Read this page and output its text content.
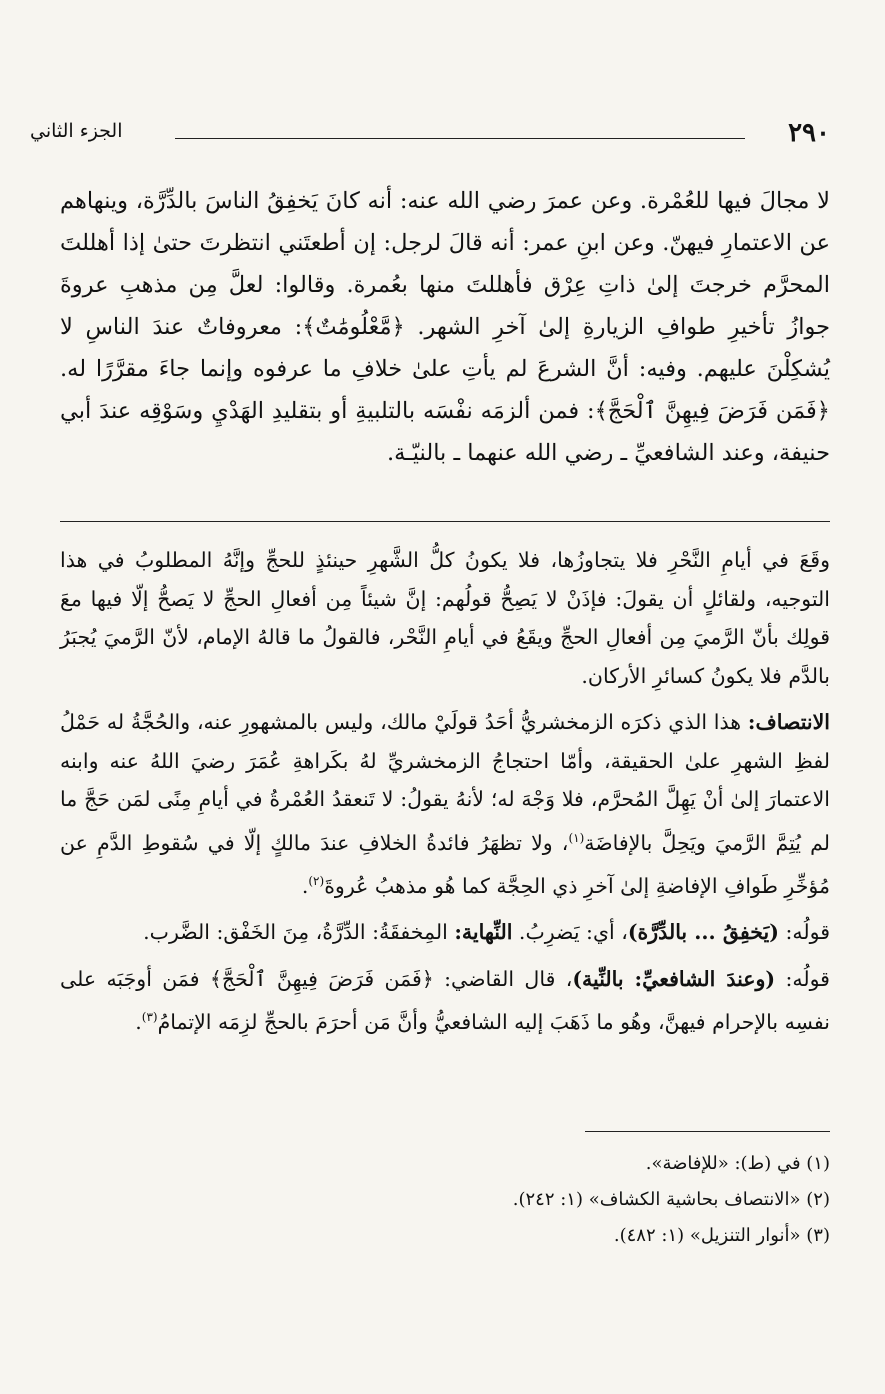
٢٩٠
الجزء الثاني

لا مجالَ فيها للعُمْرة. وعن عمرَ رضي الله عنه: أنه كانَ يَخفِقُ الناسَ بالدِّرَّة، وينهاهم عن الاعتمارِ فيهنّ. وعن ابنِ عمر: أنه قالَ لرجل: إن أطعتَني انتظرتَ حتىٰ إذا أهللتَ المحرَّم خرجتَ إلىٰ ذاتِ عِرْق فأهللتَ منها بعُمرة. وقالوا: لعلَّ مِن مذهبِ عروةَ جوازُ تأخيرِ طوافِ الزيارةِ إلىٰ آخرِ الشهر. ﴿مَّعْلُومَٰتٌ﴾: معروفاتٌ عندَ الناسِ لا يُشكِلْنَ عليهم. وفيه: أنَّ الشرعَ لم يأتِ علىٰ خلافِ ما عرفوه وإنما جاءَ مقرَّرًا له. ﴿فَمَن فَرَضَ فِيهِنَّ ٱلْحَجَّ﴾: فمن ألزمَه نفْسَه بالتلبيةِ أو بتقليدِ الهَدْيِ وسَوْقِه عندَ أبي حنيفة، وعند الشافعيِّ ـ رضي الله عنهما ـ بالنيّـة.

وقَعَ في أيامِ النَّحْرِ فلا يتجاوزُها، فلا يكونُ كلُّ الشَّهرِ حينئذٍ للحجِّ وإنَّهُ المطلوبُ في هذا التوجيه، ولقائلٍ أن يقولَ: فإذَنْ لا يَصِحُّ قولُهم: إنَّ شيئاً مِن أفعالِ الحجِّ لا يَصحُّ إلّا فيها معَ قولِك بأنّ الرَّميَ مِن أفعالِ الحجِّ ويقَعُ في أيامِ النَّحْر، فالقولُ ما قالهُ الإمام، لأنّ الرَّميَ يُجبَرُ بالدَّم فلا يكونُ كسائرِ الأركان.

الانتصاف: هذا الذي ذكرَه الزمخشريُّ أحَدُ قولَيْ مالك، وليس بالمشهورِ عنه، والحُجَّةُ له حَمْلُ لفظِ الشهرِ علىٰ الحقيقة، وأمّا احتجاجُ الزمخشريِّ لهُ بكَراهةِ عُمَرَ رضيَ اللهُ عنه وابنه الاعتمارَ إلىٰ أنْ يَهِلَّ المُحرَّم، فلا وَجْهَ له؛ لأنهُ يقولُ: لا تَنعقدُ العُمْرةُ في أيامِ مِنًى لمَن حَجَّ ما لم يُتِمَّ الرَّميَ ويَحِلَّ بالإفاضَة$^{(١)}$، ولا تظهَرُ فائدةُ الخلافِ عندَ مالكٍ إلّا في سُقوطِ الدَّمِ عن مُؤخِّرِ طَوافِ الإفاضةِ إلىٰ آخرِ ذي الحِجَّة كما هُو مذهبُ عُروةَ$^{(٢)}$.

قولُه: (يَخفِقُ ... بالدِّرَّة)، أي: يَضرِبُ. النِّهاية: المِخفقَةُ: الدِّرَّةُ، مِنَ الخَفْق: الضَّرب.

قولُه: (وعندَ الشافعيِّ: بالنِّية)، قال القاضي: ﴿فَمَن فَرَضَ فِيهِنَّ ٱلْحَجَّ﴾ فمَن أوجَبَه على نفسِه بالإحرام فيهنَّ، وهُو ما ذَهَبَ إليه الشافعيُّ وأنَّ مَن أحرَمَ بالحجِّ لزِمَه الإتمامُ$^{(٣)}$.

(١) في (ط): «للإفاضة».
(٢) «الانتصاف بحاشية الكشاف» (١: ٢٤٢).
(٣) «أنوار التنزيل» (١: ٤٨٢).
